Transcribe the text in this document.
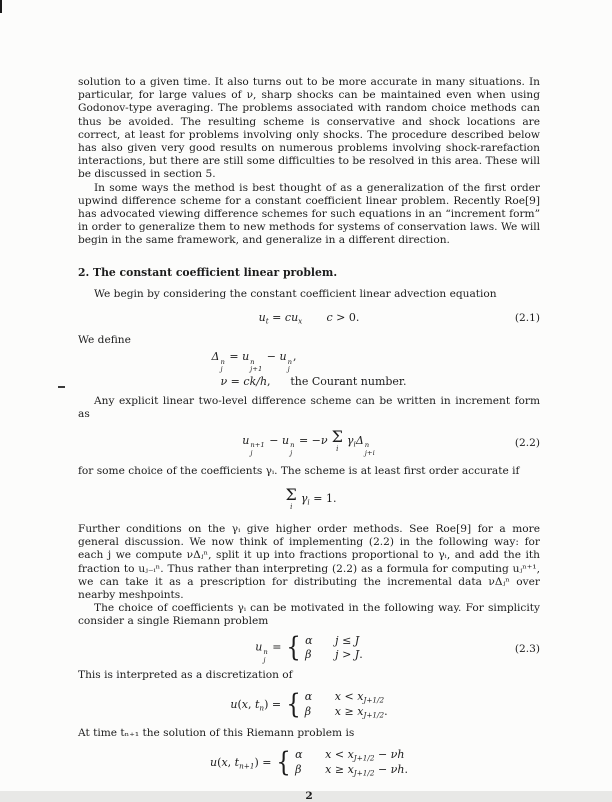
solution to a given time. It also turns out to be more accurate in many situations. In particular, for large values of ν, sharp shocks can be maintained even when using Godonov-type averaging. The problems associated with random choice methods can thus be avoided. The resulting scheme is conservative and shock locations are correct, at least for problems involving only shocks. The procedure described below has also given very good results on numerous problems involving shock-rarefaction interactions, but there are still some difficulties to be resolved in this area. These will be discussed in section 5.

In some ways the method is best thought of as a generalization of the first order upwind difference scheme for a constant coefficient linear problem. Recently Roe[9] has advocated viewing difference schemes for such equations in an “increment form” in order to generalize them to new methods for systems of conservation laws. We will begin in the same framework, and generalize in a different direction.

2. The constant coefficient linear problem.

We begin by considering the constant coefficient linear advection equation

$u_t = cu_x$ c > 0.	(2.1)

We define

Δ n
j
= u n
j+1
− u n
j
,
ν = ck/h, the Courant number.

Any explicit linear two-level difference scheme can be written in increment form as

u n+1
j
− u n
j
= −ν Σ
i
$\gamma_i\Delta$ n
j+i
(2.2)

for some choice of the coefficients γᵢ. The scheme is at least first order accurate if

Σ
i
$\gamma_i = 1$.

Further conditions on the γᵢ give higher order methods. See Roe[9] for a more general discussion. We now think of implementing (2.2) in the following way: for each j we compute νΔⱼⁿ, split it up into fractions proportional to γᵢ, and add the ith fraction to uⱼ₋ᵢⁿ. Thus rather than interpreting (2.2) as a formula for computing uⱼⁿ⁺¹, we can take it as a prescription for distributing the incremental data νΔⱼⁿ over nearby meshpoints.

The choice of coefficients γᵢ can be motivated in the following way. For simplicity consider a single Riemann problem

u n
j
= { α	j ≤ J
β	j > J.	(2.3)

This is interpreted as a discretization of

u(x, $t_n$) = { α	$x < x_{J+1/2}$
β	$x \ge x_{J+1/2}$.

At time tₙ₊₁ the solution of this Riemann problem is

u(x, $t_{n+1}$) = { α	$x < x_{J+1/2} - \nu h$
β	$x \ge x_{J+1/2} - \nu h$.
2
